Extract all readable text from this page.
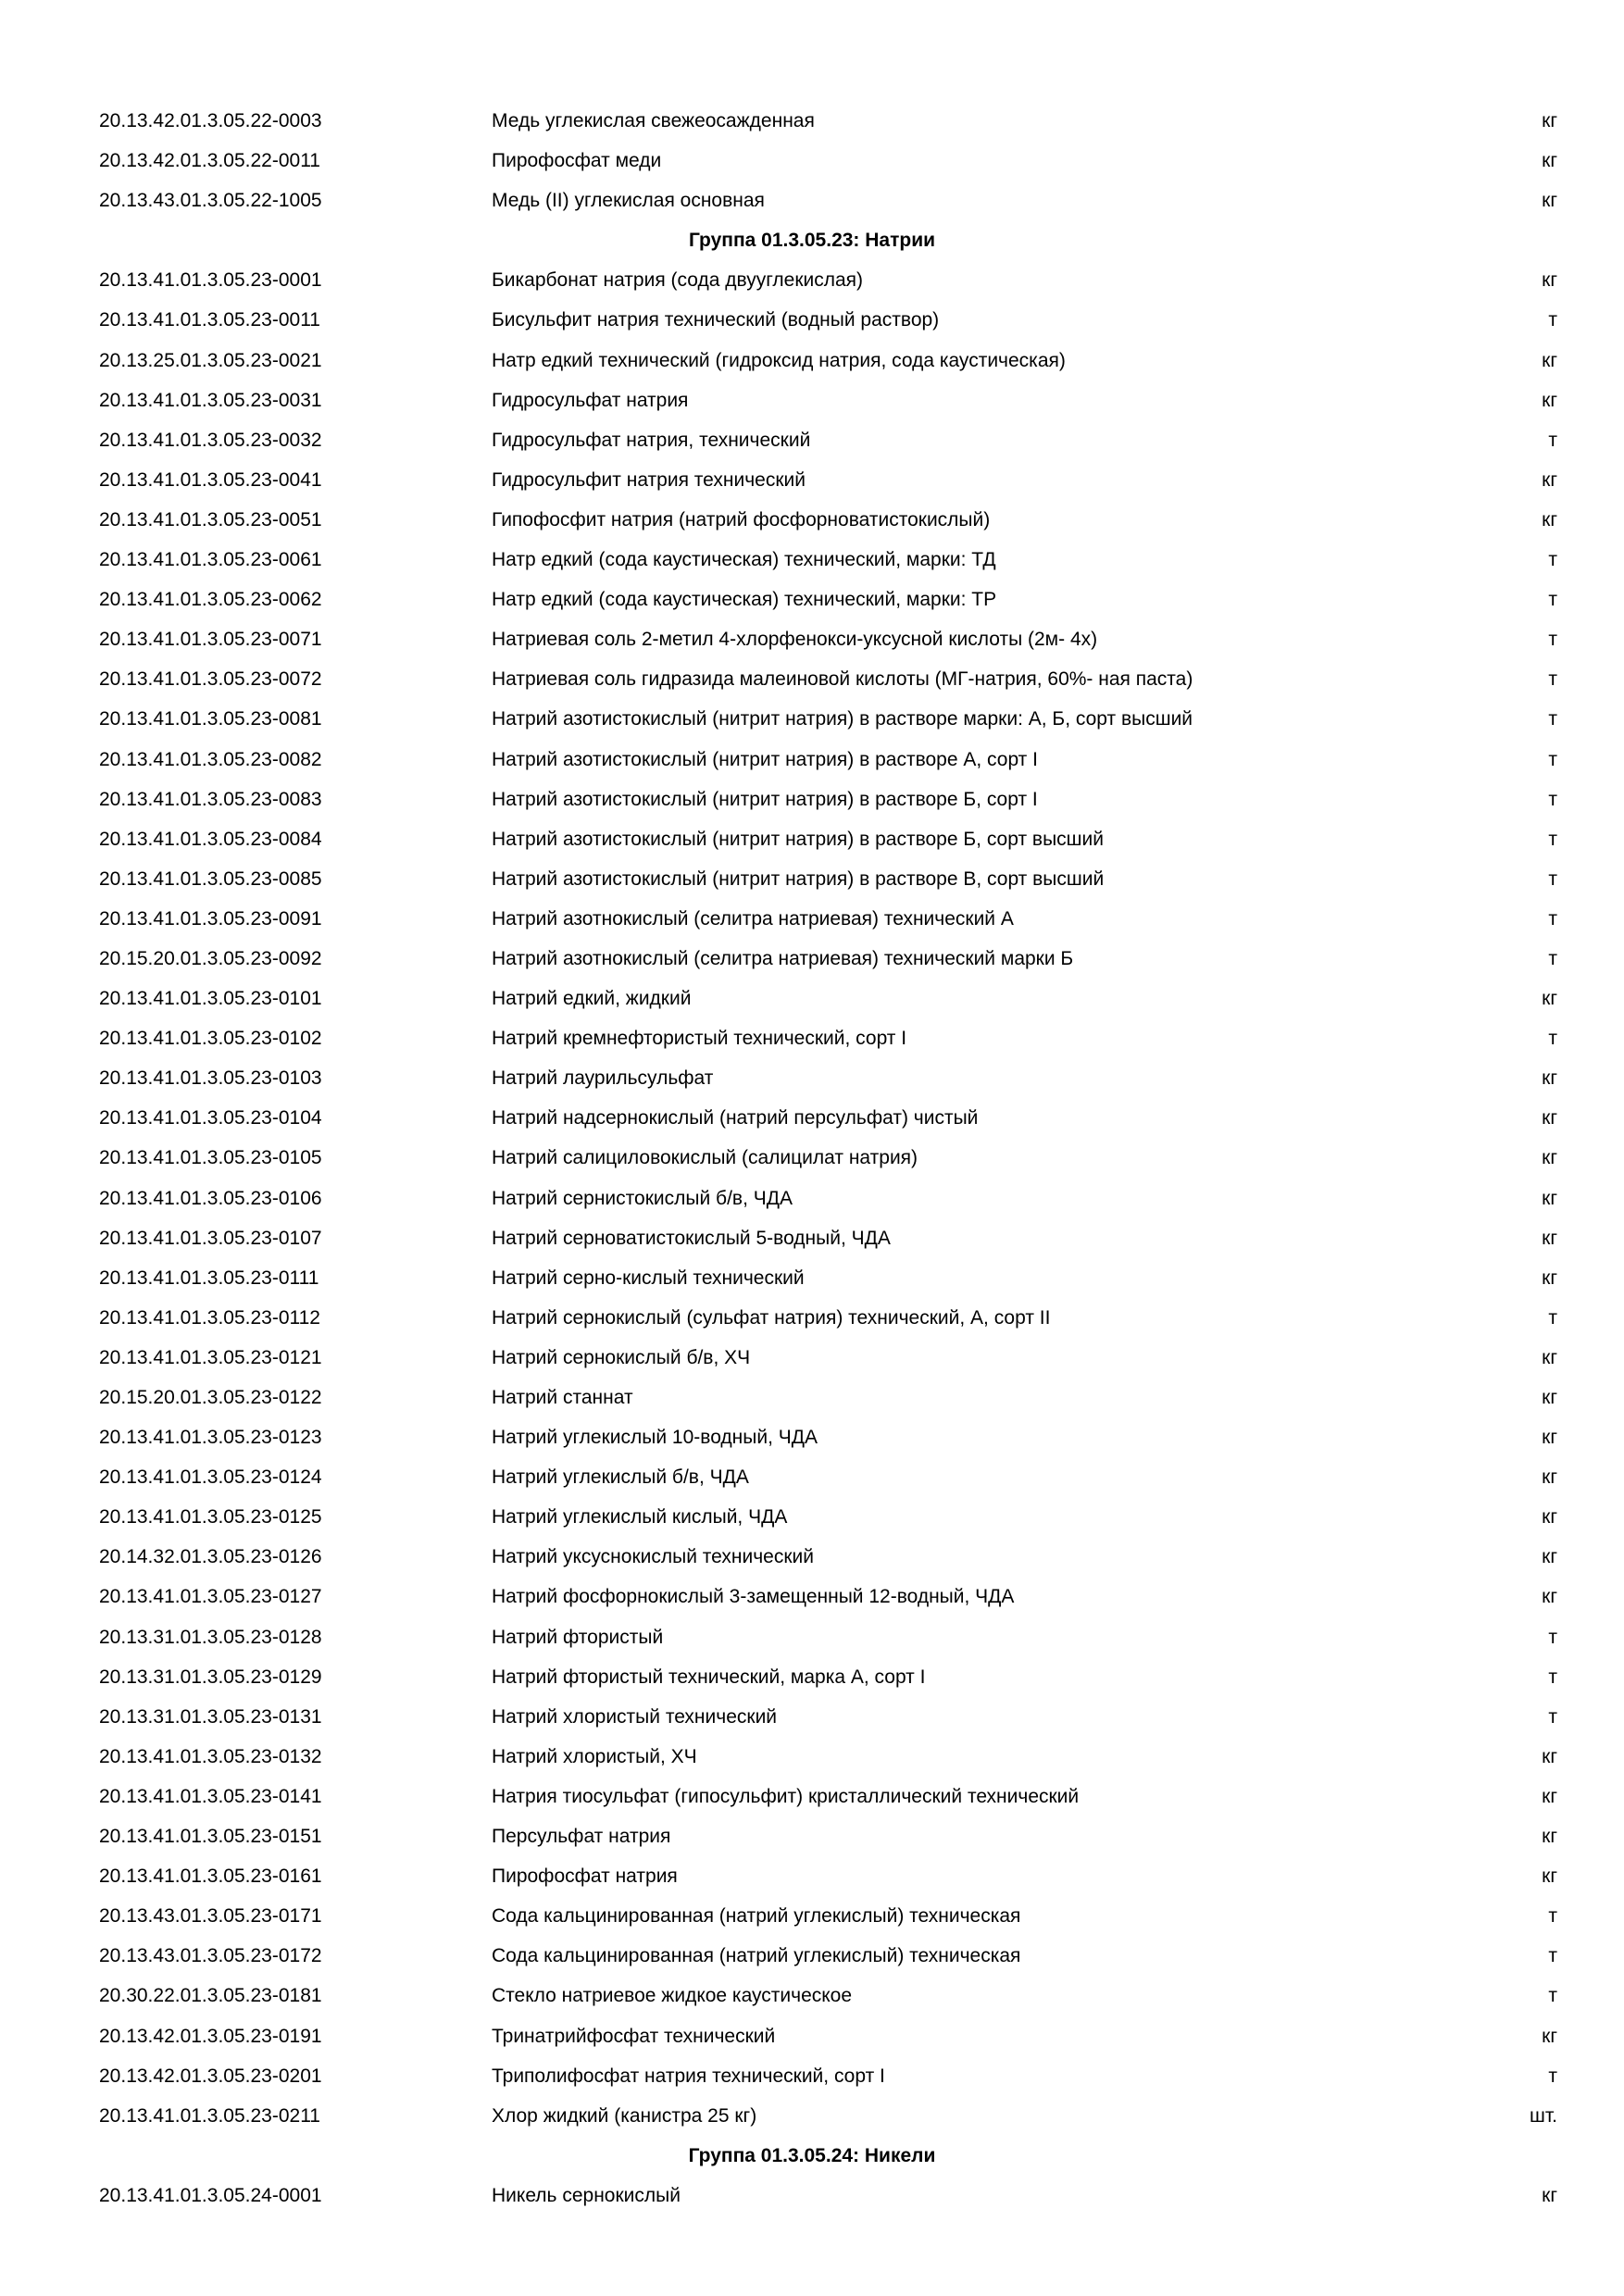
20.13.42.01.3.05.22-0003	Медь углекислая свежеосажденная	кг
20.13.42.01.3.05.22-0011	Пирофосфат меди	кг
20.13.43.01.3.05.22-1005	Медь (II) углекислая основная	кг
Группа 01.3.05.23: Натрии
20.13.41.01.3.05.23-0001	Бикарбонат натрия (сода двууглекислая)	кг
20.13.41.01.3.05.23-0011	Бисульфит натрия технический (водный раствор)	т
20.13.25.01.3.05.23-0021	Натр едкий технический (гидроксид натрия, сода каустическая)	кг
20.13.41.01.3.05.23-0031	Гидросульфат натрия	кг
20.13.41.01.3.05.23-0032	Гидросульфат натрия, технический	т
20.13.41.01.3.05.23-0041	Гидросульфит натрия технический	кг
20.13.41.01.3.05.23-0051	Гипофосфит натрия (натрий фосфорноватистокислый)	кг
20.13.41.01.3.05.23-0061	Натр едкий (сода каустическая) технический, марки: ТД	т
20.13.41.01.3.05.23-0062	Натр едкий (сода каустическая) технический, марки: ТР	т
20.13.41.01.3.05.23-0071	Натриевая соль 2-метил 4-хлорфенокси-уксусной кислоты (2м- 4х)	т
20.13.41.01.3.05.23-0072	Натриевая соль гидразида малеиновой кислоты (МГ-натрия, 60%- ная паста)	т
20.13.41.01.3.05.23-0081	Натрий азотистокислый (нитрит натрия) в растворе марки: А, Б, сорт высший	т
20.13.41.01.3.05.23-0082	Натрий азотистокислый (нитрит натрия) в растворе А, сорт I	т
20.13.41.01.3.05.23-0083	Натрий азотистокислый (нитрит натрия) в растворе Б, сорт I	т
20.13.41.01.3.05.23-0084	Натрий азотистокислый (нитрит натрия) в растворе Б, сорт высший	т
20.13.41.01.3.05.23-0085	Натрий азотистокислый (нитрит натрия) в растворе В, сорт высший	т
20.13.41.01.3.05.23-0091	Натрий азотнокислый (селитра натриевая) технический А	т
20.15.20.01.3.05.23-0092	Натрий азотнокислый (селитра натриевая) технический марки Б	т
20.13.41.01.3.05.23-0101	Натрий едкий, жидкий	кг
20.13.41.01.3.05.23-0102	Натрий кремнефтористый технический, сорт I	т
20.13.41.01.3.05.23-0103	Натрий лаурильсульфат	кг
20.13.41.01.3.05.23-0104	Натрий надсернокислый (натрий персульфат) чистый	кг
20.13.41.01.3.05.23-0105	Натрий салициловокислый (салицилат натрия)	кг
20.13.41.01.3.05.23-0106	Натрий сернистокислый б/в, ЧДА	кг
20.13.41.01.3.05.23-0107	Натрий серноватистокислый 5-водный, ЧДА	кг
20.13.41.01.3.05.23-0111	Натрий серно-кислый технический	кг
20.13.41.01.3.05.23-0112	Натрий сернокислый (сульфат натрия) технический, А, сорт II	т
20.13.41.01.3.05.23-0121	Натрий сернокислый б/в, ХЧ	кг
20.15.20.01.3.05.23-0122	Натрий станнат	кг
20.13.41.01.3.05.23-0123	Натрий углекислый 10-водный, ЧДА	кг
20.13.41.01.3.05.23-0124	Натрий углекислый б/в, ЧДА	кг
20.13.41.01.3.05.23-0125	Натрий углекислый кислый, ЧДА	кг
20.14.32.01.3.05.23-0126	Натрий уксуснокислый технический	кг
20.13.41.01.3.05.23-0127	Натрий фосфорнокислый 3-замещенный 12-водный, ЧДА	кг
20.13.31.01.3.05.23-0128	Натрий фтористый	т
20.13.31.01.3.05.23-0129	Натрий фтористый технический, марка А, сорт I	т
20.13.31.01.3.05.23-0131	Натрий хлористый технический	т
20.13.41.01.3.05.23-0132	Натрий хлористый, ХЧ	кг
20.13.41.01.3.05.23-0141	Натрия тиосульфат (гипосульфит) кристаллический технический	кг
20.13.41.01.3.05.23-0151	Персульфат натрия	кг
20.13.41.01.3.05.23-0161	Пирофосфат натрия	кг
20.13.43.01.3.05.23-0171	Сода кальцинированная (натрий углекислый) техническая	т
20.13.43.01.3.05.23-0172	Сода кальцинированная (натрий углекислый) техническая	т
20.30.22.01.3.05.23-0181	Стекло натриевое жидкое каустическое	т
20.13.42.01.3.05.23-0191	Тринатрийфосфат технический	кг
20.13.42.01.3.05.23-0201	Триполифосфат натрия технический, сорт I	т
20.13.41.01.3.05.23-0211	Хлор жидкий (канистра 25 кг)	шт.
Группа 01.3.05.24: Никели
20.13.41.01.3.05.24-0001	Никель сернокислый	кг
